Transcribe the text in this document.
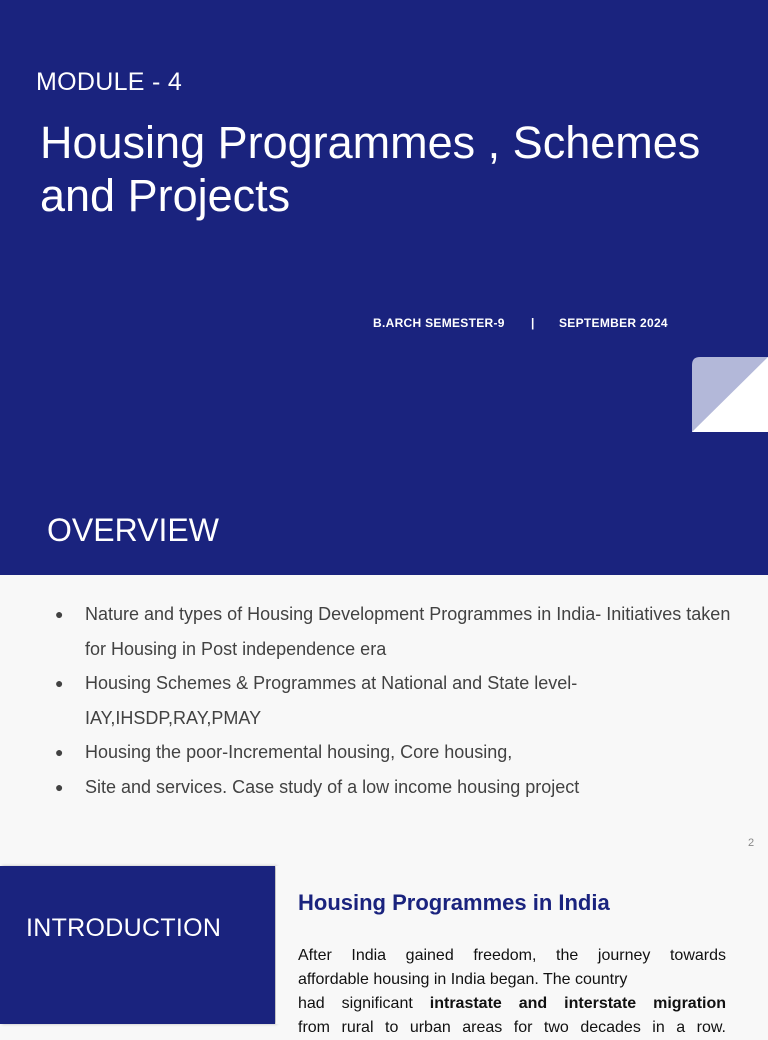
MODULE - 4
Housing Programmes , Schemes and Projects
B.ARCH SEMESTER-9 | SEPTEMBER 2024
OVERVIEW
● Nature and types of Housing Development Programmes in India- Initiatives taken for Housing in Post independence era
● Housing Schemes & Programmes at National and State level- IAY,IHSDP,RAY,PMAY
● Housing the poor-Incremental housing, Core housing,
● Site and services. Case study of a low income housing project
2
INTRODUCTION
Housing Programmes in India
After India gained freedom, the journey towards
affordable housing in India began. The country
had significant intrastate and interstate migration
from rural to urban areas for two decades in a row.
